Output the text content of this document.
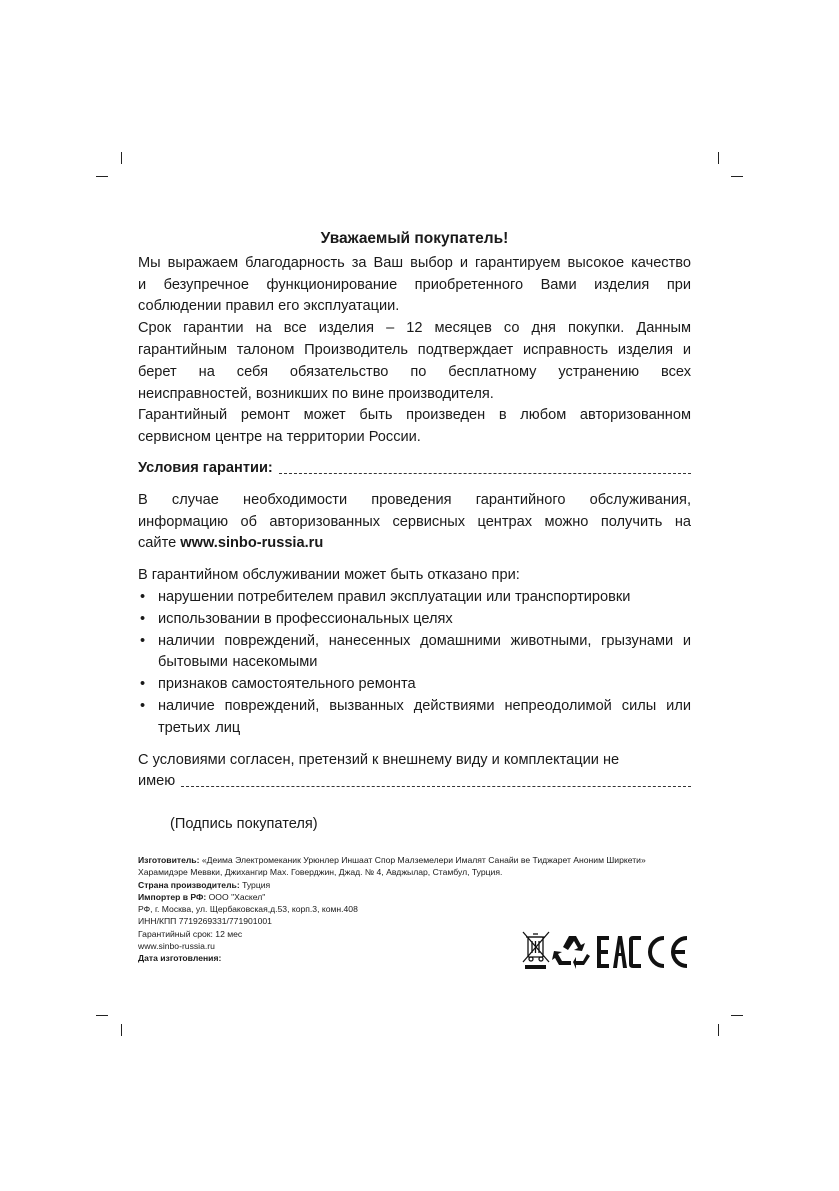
Уважаемый покупатель!
Мы выражаем благодарность за Ваш выбор и гарантируем высокое качество
и безупречное функционирование приобретенного Вами изделия при
соблюдении правил его эксплуатации.
Срок гарантии на все изделия – 12 месяцев со дня покупки. Данным
гарантийным талоном Производитель подтверждает исправность изделия и
берет на себя обязательство по бесплатному устранению всех
неисправностей, возникших по вине производителя.
Гарантийный ремонт может быть произведен в любом авторизованном
сервисном центре на территории России.
Условия гарантии:
В случае необходимости проведения гарантийного обслуживания,
информацию об авторизованных сервисных центрах можно получить на
сайте www.sinbo-russia.ru
В гарантийном обслуживании может быть отказано при:
• нарушении потребителем правил эксплуатации или транспортировки
• использовании в профессиональных целях
• наличии повреждений, нанесенных домашними животными, грызунами и бытовыми насекомыми
• признаков самостоятельного ремонта
• наличие повреждений, вызванных действиями непреодолимой силы или третьих лиц
С условиями согласен, претензий к внешнему виду и комплектации не
имею
(Подпись покупателя)
Изготовитель: «Деима Электромеканик Урюнлер Иншаат Спор Малземелери Ималят Санайи ве Тиджарет Аноним Ширкети» Харамидэре Меввки, Джихангир Мах. Говерджин, Джад. № 4, Авджылар, Стамбул, Турция.
Страна производитель: Турция
Импортер в РФ: ООО "Хаскел"
РФ, г. Москва, ул. Щербаковская,д.53, корп.3, комн.408
ИНН/КПП 7719269331/771901001
Гарантийный срок: 12 мес
www.sinbo-russia.ru
Дата изготовления:
